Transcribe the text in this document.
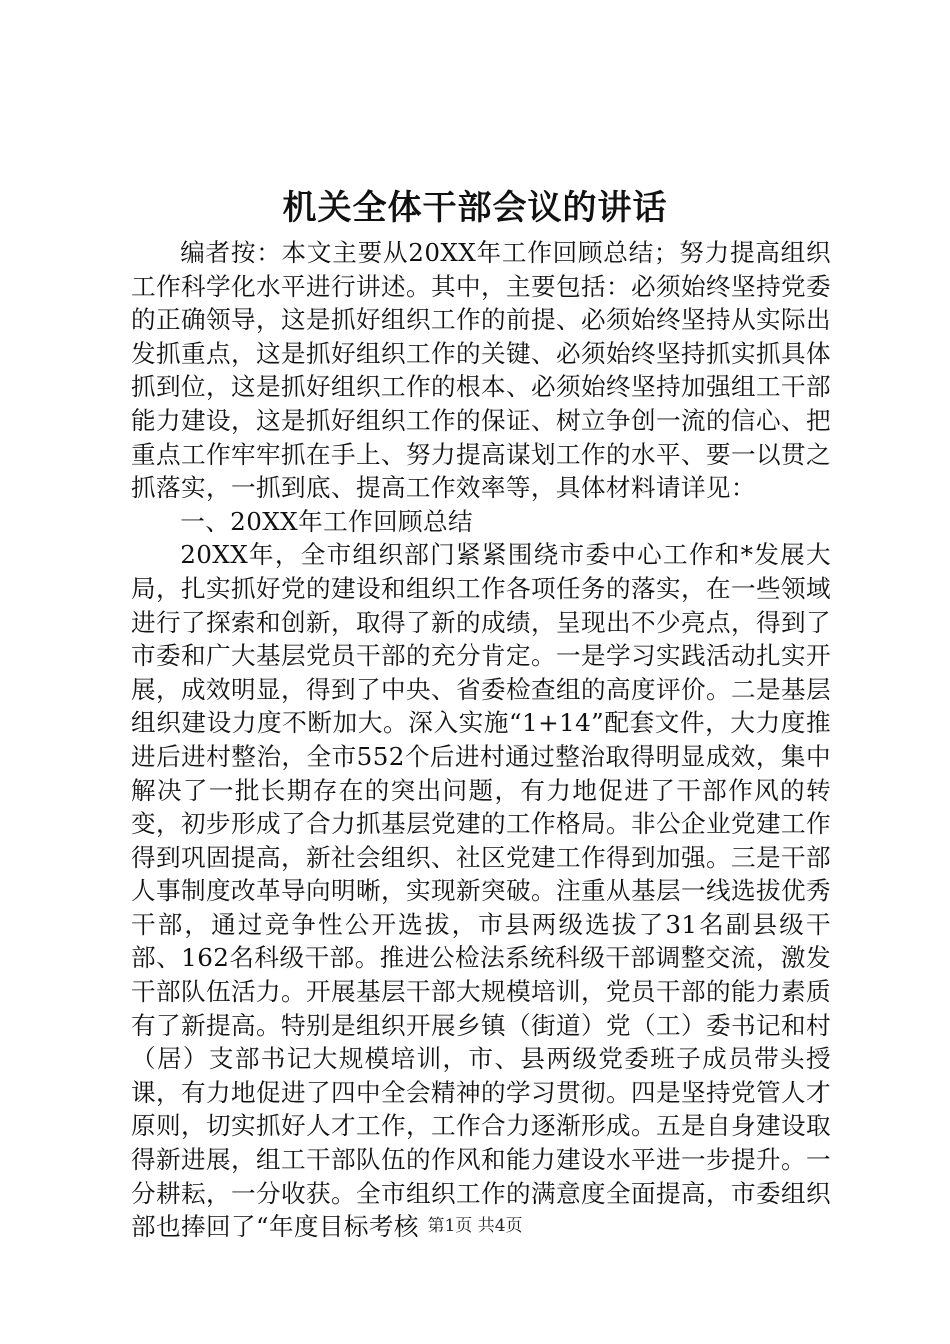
机关全体干部会议的讲话

编者按：本文主要从20XX年工作回顾总结；努力提高组织工作科学化水平进行讲述。其中，主要包括：必须始终坚持党委的正确领导，这是抓好组织工作的前提、必须始终坚持从实际出发抓重点，这是抓好组织工作的关键、必须始终坚持抓实抓具体抓到位，这是抓好组织工作的根本、必须始终坚持加强组工干部能力建设，这是抓好组织工作的保证、树立争创一流的信心、把重点工作牢牢抓在手上、努力提高谋划工作的水平、要一以贯之抓落实，一抓到底、提高工作效率等，具体材料请详见：

一、20XX年工作回顾总结

20XX年，全市组织部门紧紧围绕市委中心工作和*发展大局，扎实抓好党的建设和组织工作各项任务的落实，在一些领域进行了探索和创新，取得了新的成绩，呈现出不少亮点，得到了市委和广大基层党员干部的充分肯定。一是学习实践活动扎实开展，成效明显，得到了中央、省委检查组的高度评价。二是基层组织建设力度不断加大。深入实施“1+14”配套文件，大力度推进后进村整治，全市552个后进村通过整治取得明显成效，集中解决了一批长期存在的突出问题，有力地促进了干部作风的转变，初步形成了合力抓基层党建的工作格局。非公企业党建工作得到巩固提高，新社会组织、社区党建工作得到加强。三是干部人事制度改革导向明晰，实现新突破。注重从基层一线选拔优秀干部，通过竞争性公开选拔，市县两级选拔了31名副县级干部、162名科级干部。推进公检法系统科级干部调整交流，激发干部队伍活力。开展基层干部大规模培训，党员干部的能力素质有了新提高。特别是组织开展乡镇（街道）党（工）委书记和村（居）支部书记大规模培训，市、县两级党委班子成员带头授课，有力地促进了四中全会精神的学习贯彻。四是坚持党管人才原则，切实抓好人才工作，工作合力逐渐形成。五是自身建设取得新进展，组工干部队伍的作风和能力建设水平进一步提升。一分耕耘，一分收获。全市组织工作的满意度全面提高，市委组织部也捧回了“年度目标考核 第1页 共4页
